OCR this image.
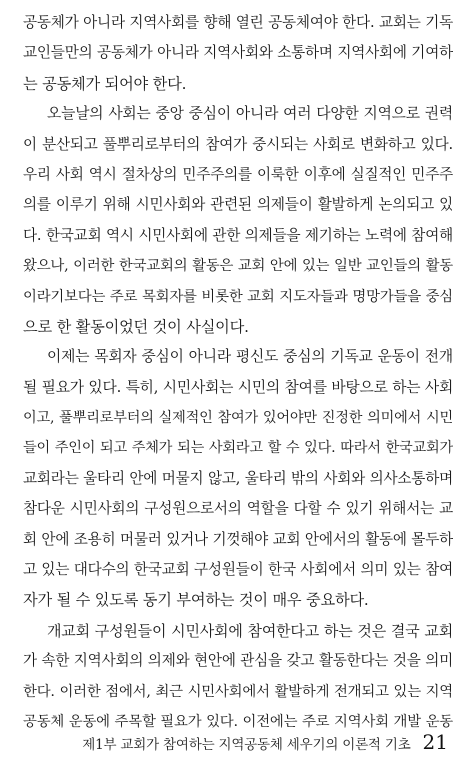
공동체가 아니라 지역사회를 향해 열린 공동체여야 한다. 교회는 기독
교인들만의 공동체가 아니라 지역사회와 소통하며 지역사회에 기여하
는 공동체가 되어야 한다.
오늘날의 사회는 중앙 중심이 아니라 여러 다양한 지역으로 권력
이 분산되고 풀뿌리로부터의 참여가 중시되는 사회로 변화하고 있다.
우리 사회 역시 절차상의 민주주의를 이룩한 이후에 실질적인 민주주
의를 이루기 위해 시민사회와 관련된 의제들이 활발하게 논의되고 있
다. 한국교회 역시 시민사회에 관한 의제들을 제기하는 노력에 참여해
왔으나, 이러한 한국교회의 활동은 교회 안에 있는 일반 교인들의 활동
이라기보다는 주로 목회자를 비롯한 교회 지도자들과 명망가들을 중심
으로 한 활동이었던 것이 사실이다.
이제는 목회자 중심이 아니라 평신도 중심의 기독교 운동이 전개
될 필요가 있다. 특히, 시민사회는 시민의 참여를 바탕으로 하는 사회
이고, 풀뿌리로부터의 실제적인 참여가 있어야만 진정한 의미에서 시민
들이 주인이 되고 주체가 되는 사회라고 할 수 있다. 따라서 한국교회가
교회라는 울타리 안에 머물지 않고, 울타리 밖의 사회와 의사소통하며
참다운 시민사회의 구성원으로서의 역할을 다할 수 있기 위해서는 교
회 안에 조용히 머물러 있거나 기껏해야 교회 안에서의 활동에 몰두하
고 있는 대다수의 한국교회 구성원들이 한국 사회에서 의미 있는 참여
자가 될 수 있도록 동기 부여하는 것이 매우 중요하다.
개교회 구성원들이 시민사회에 참여한다고 하는 것은 결국 교회
가 속한 지역사회의 의제와 현안에 관심을 갖고 활동한다는 것을 의미
한다. 이러한 점에서, 최근 시민사회에서 활발하게 전개되고 있는 지역
공동체 운동에 주목할 필요가 있다. 이전에는 주로 지역사회 개발 운동
제1부 교회가 참여하는 지역공동체 세우기의 이론적 기초 21
